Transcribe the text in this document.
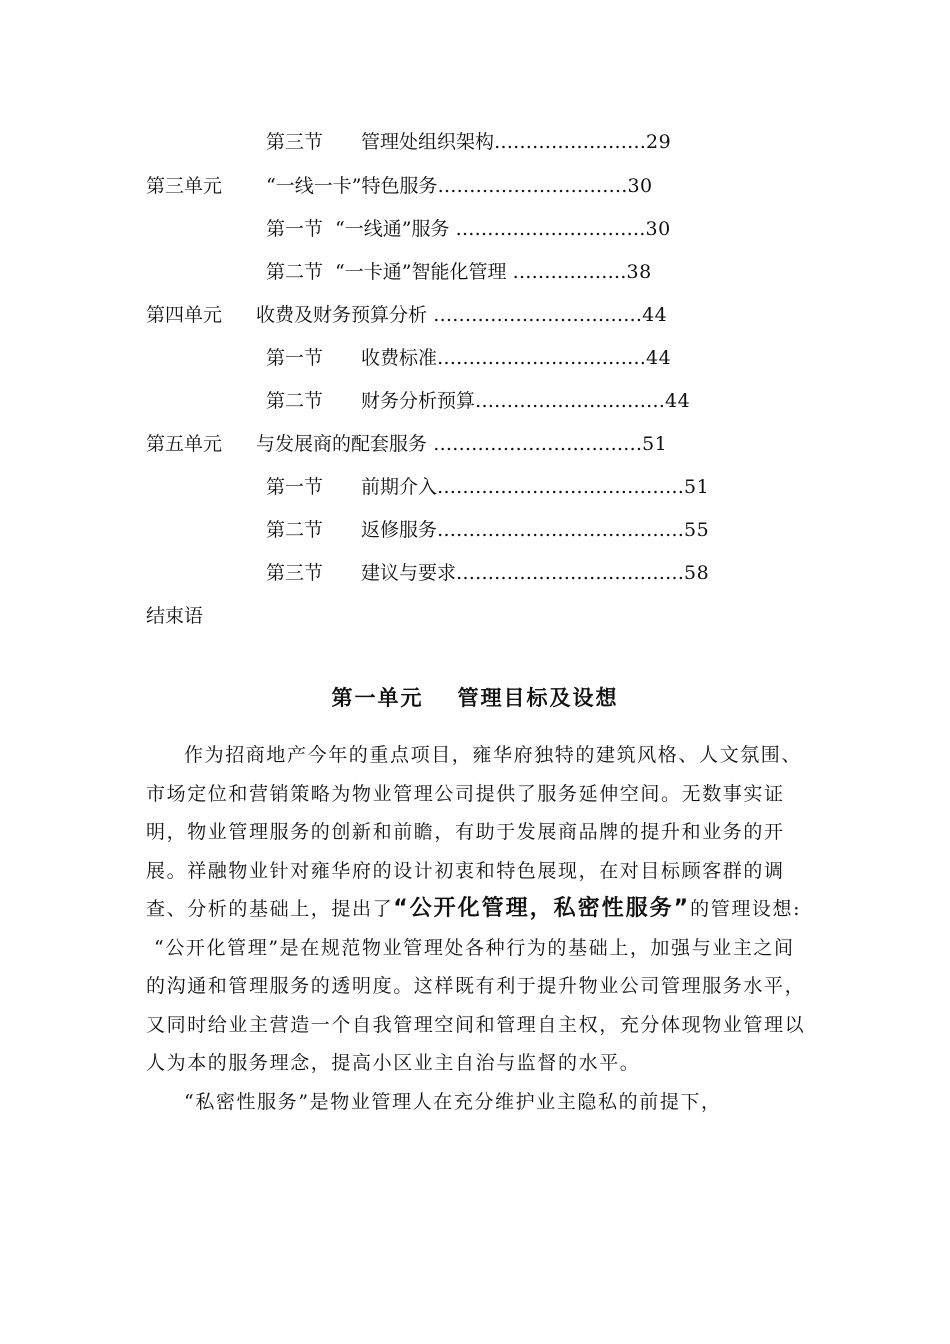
第三节 管理处组织架构……………………29
第三单元 “一线一卡”特色服务…………………………30
第一节 “一线通”服务 …………………………30
第二节 “一卡通”智能化管理 ………………38
第四单元 收费及财务预算分析 ……………………………44
第一节 收费标准……………………………44
第二节 财务分析预算…………………………44
第五单元 与发展商的配套服务 ……………………………51
第一节 前期介入…………………………………51
第二节 返修服务…………………………………55
第三节 建议与要求………………………………58
结束语
第一单元 管理目标及设想

作为招商地产今年的重点项目，雍华府独特的建筑风格、人文氛围、市场定位和营销策略为物业管理公司提供了服务延伸空间。无数事实证明，物业管理服务的创新和前瞻，有助于发展商品牌的提升和业务的开展。祥融物业针对雍华府的设计初衷和特色展现，在对目标顾客群的调查、分析的基础上，提出了“公开化管理，私密性服务”的管理设想:

“公开化管理”是在规范物业管理处各种行为的基础上，加强与业主之间的沟通和管理服务的透明度。这样既有利于提升物业公司管理服务水平，又同时给业主营造一个自我管理空间和管理自主权，充分体现物业管理以人为本的服务理念，提高小区业主自治与监督的水平。

“私密性服务”是物业管理人在充分维护业主隐私的前提下，
